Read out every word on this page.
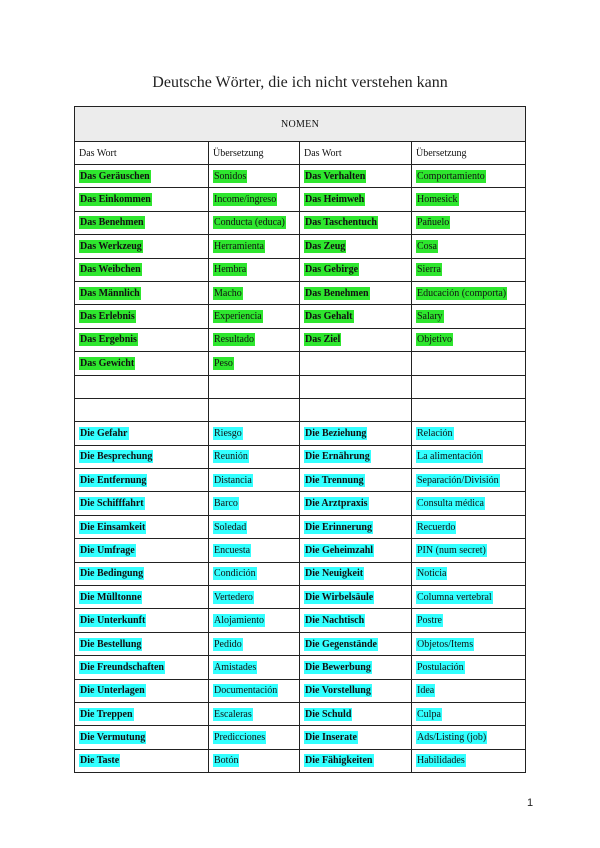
Deutsche Wörter, die ich nicht verstehen kann
NOMEN			
Das Wort	Übersetzung	Das Wort	Übersetzung
Das Geräuschen	Sonidos	Das Verhalten	Comportamiento
Das Einkommen	Income/ingreso	Das Heimweh	Homesick
Das Benehmen	Conducta (educa)	Das Taschentuch	Pañuelo
Das Werkzeug	Herramienta	Das Zeug	Cosa
Das Weibchen	Hembra	Das Gebirge	Sierra
Das Männlich	Macho	Das Benehmen	Educación (comporta)
Das Erlebnis	Experiencia	Das Gehalt	Salary
Das Ergebnis	Resultado	Das Ziel	Objetivo
Das Gewicht	Peso		

Die Gefahr	Riesgo	Die Beziehung	Relación
Die Besprechung	Reunión	Die Ernährung	La alimentación
Die Entfernung	Distancia	Die Trennung	Separación/División
Die Schifffahrt	Barco	Die Arztpraxis	Consulta médica
Die Einsamkeit	Soledad	Die Erinnerung	Recuerdo
Die Umfrage	Encuesta	Die Geheimzahl	PIN (num secret)
Die Bedingung	Condición	Die Neuigkeit	Noticia
Die Mülltonne	Vertedero	Die Wirbelsäule	Columna vertebral
Die Unterkunft	Alojamiento	Die Nachtisch	Postre
Die Bestellung	Pedido	Die Gegenstände	Objetos/Items
Die Freundschaften	Amistades	Die Bewerbung	Postulación
Die Unterlagen	Documentación	Die Vorstellung	Idea
Die Treppen	Escaleras	Die Schuld	Culpa
Die Vermutung	Predicciones	Die Inserate	Ads/Listing (job)
Die Taste	Botón	Die Fähigkeiten	Habilidades
1
